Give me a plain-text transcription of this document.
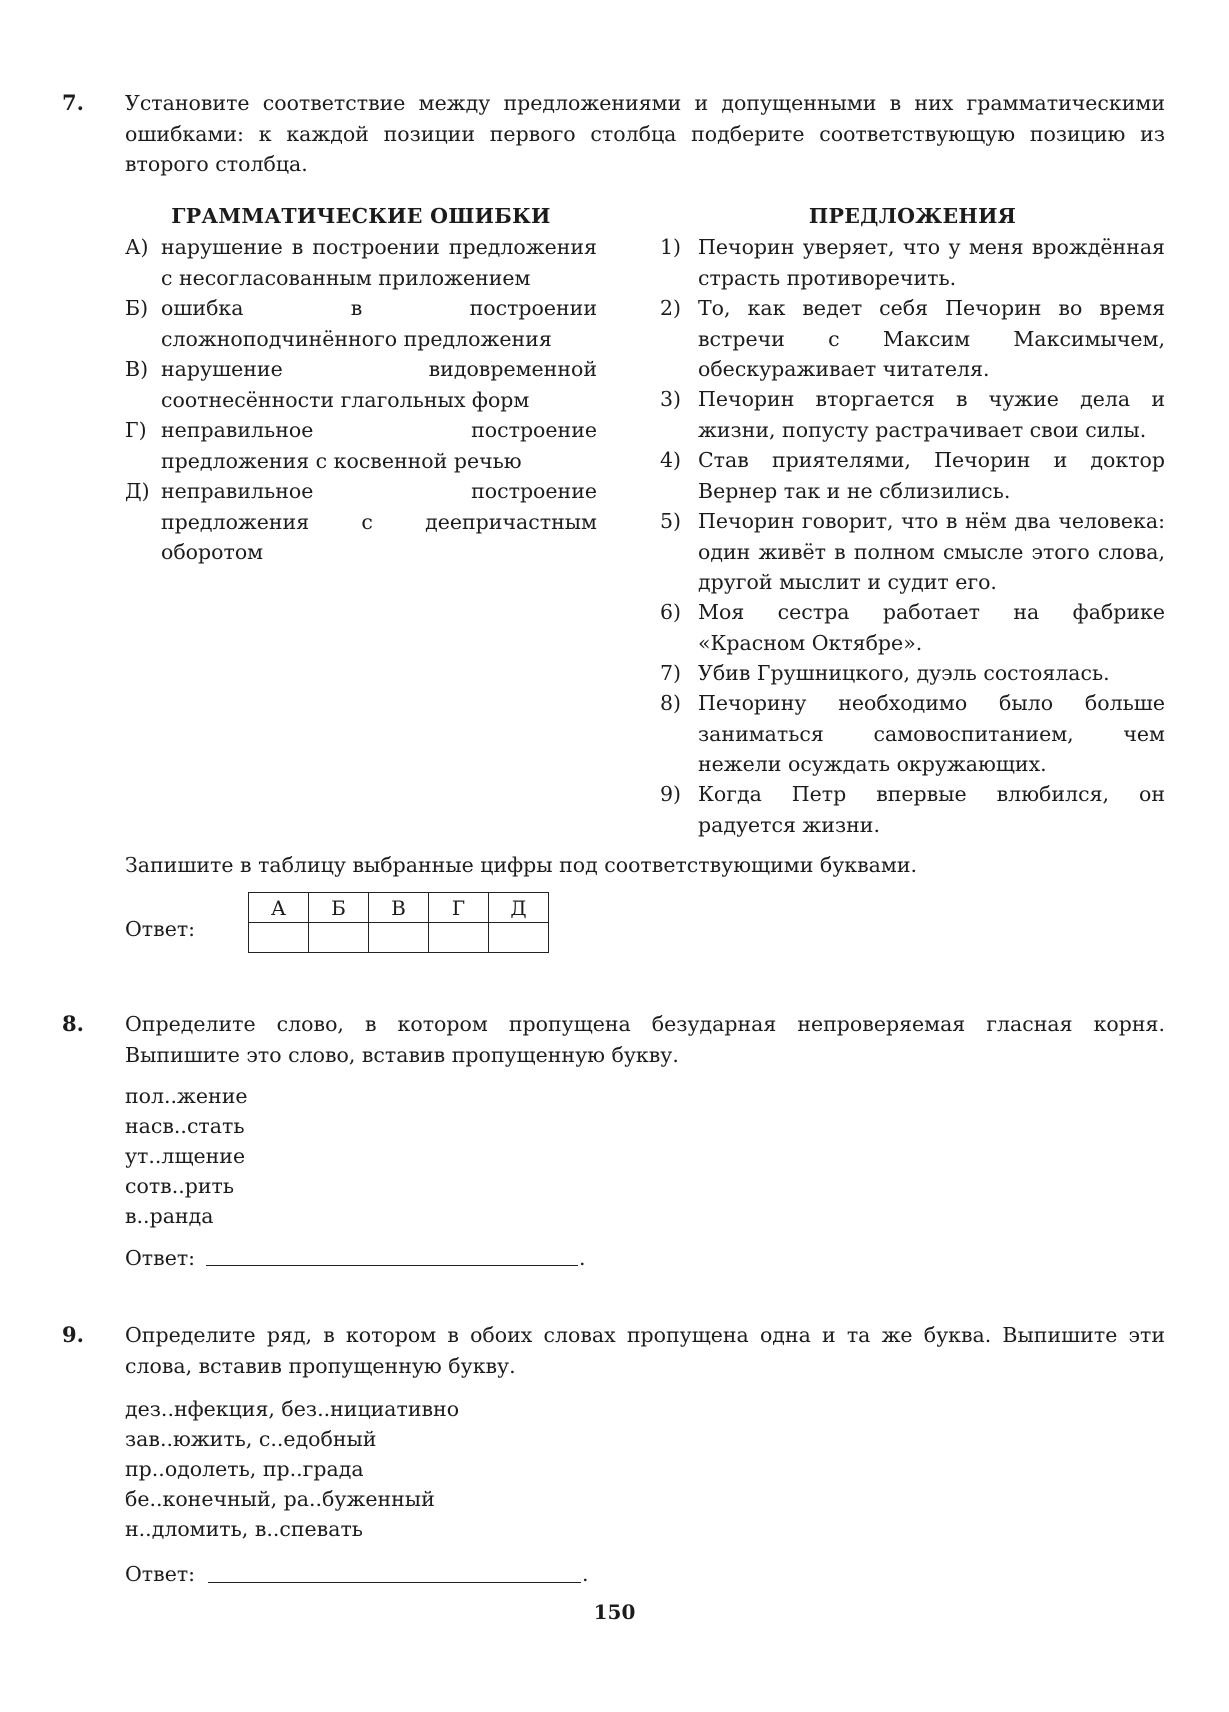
7. Установите соответствие между предложениями и допущенными в них грамматическими ошибками: к каждой позиции первого столбца подберите соответствующую позицию из второго столбца.
ГРАММАТИЧЕСКИЕ ОШИБКИ	ПРЕДЛОЖЕНИЯ
А) нарушение в построении предложения с несогласованным приложением
Б) ошибка в построении сложноподчинённого предложения
В) нарушение видовременной соотнесённости глагольных форм
Г) неправильное построение предложения с косвенной речью
Д) неправильное построение предложения с деепричастным оборотом
1) Печорин уверяет, что у меня врождённая страсть противоречить.
2) То, как ведет себя Печорин во время встречи с Максим Максимычем, обескураживает читателя.
3) Печорин вторгается в чужие дела и жизни, попусту растрачивает свои силы.
4) Став приятелями, Печорин и доктор Вернер так и не сблизились.
5) Печорин говорит, что в нём два человека: один живёт в полном смысле этого слова, другой мыслит и судит его.
6) Моя сестра работает на фабрике «Красном Октябре».
7) Убив Грушницкого, дуэль состоялась.
8) Печорину необходимо было больше заниматься самовоспитанием, чем нежели осуждать окружающих.
9) Когда Петр впервые влюбился, он радуется жизни.
Запишите в таблицу выбранные цифры под соответствующими буквами.
Ответ:
А	Б	В	Г	Д

8. Определите слово, в котором пропущена безударная непроверяемая гласная корня. Выпишите это слово, вставив пропущенную букву.
пол..жение
насв..стать
ут..лщение
сотв..рить
в..ранда
Ответ:	.
9. Определите ряд, в котором в обоих словах пропущена одна и та же буква. Выпишите эти слова, вставив пропущенную букву.
дез..нфекция, без..нициативно
зав..южить, с..едобный
пр..одолеть, пр..града
бе..конечный, ра..буженный
н..дломить, в..спевать
Ответ:	.
150
